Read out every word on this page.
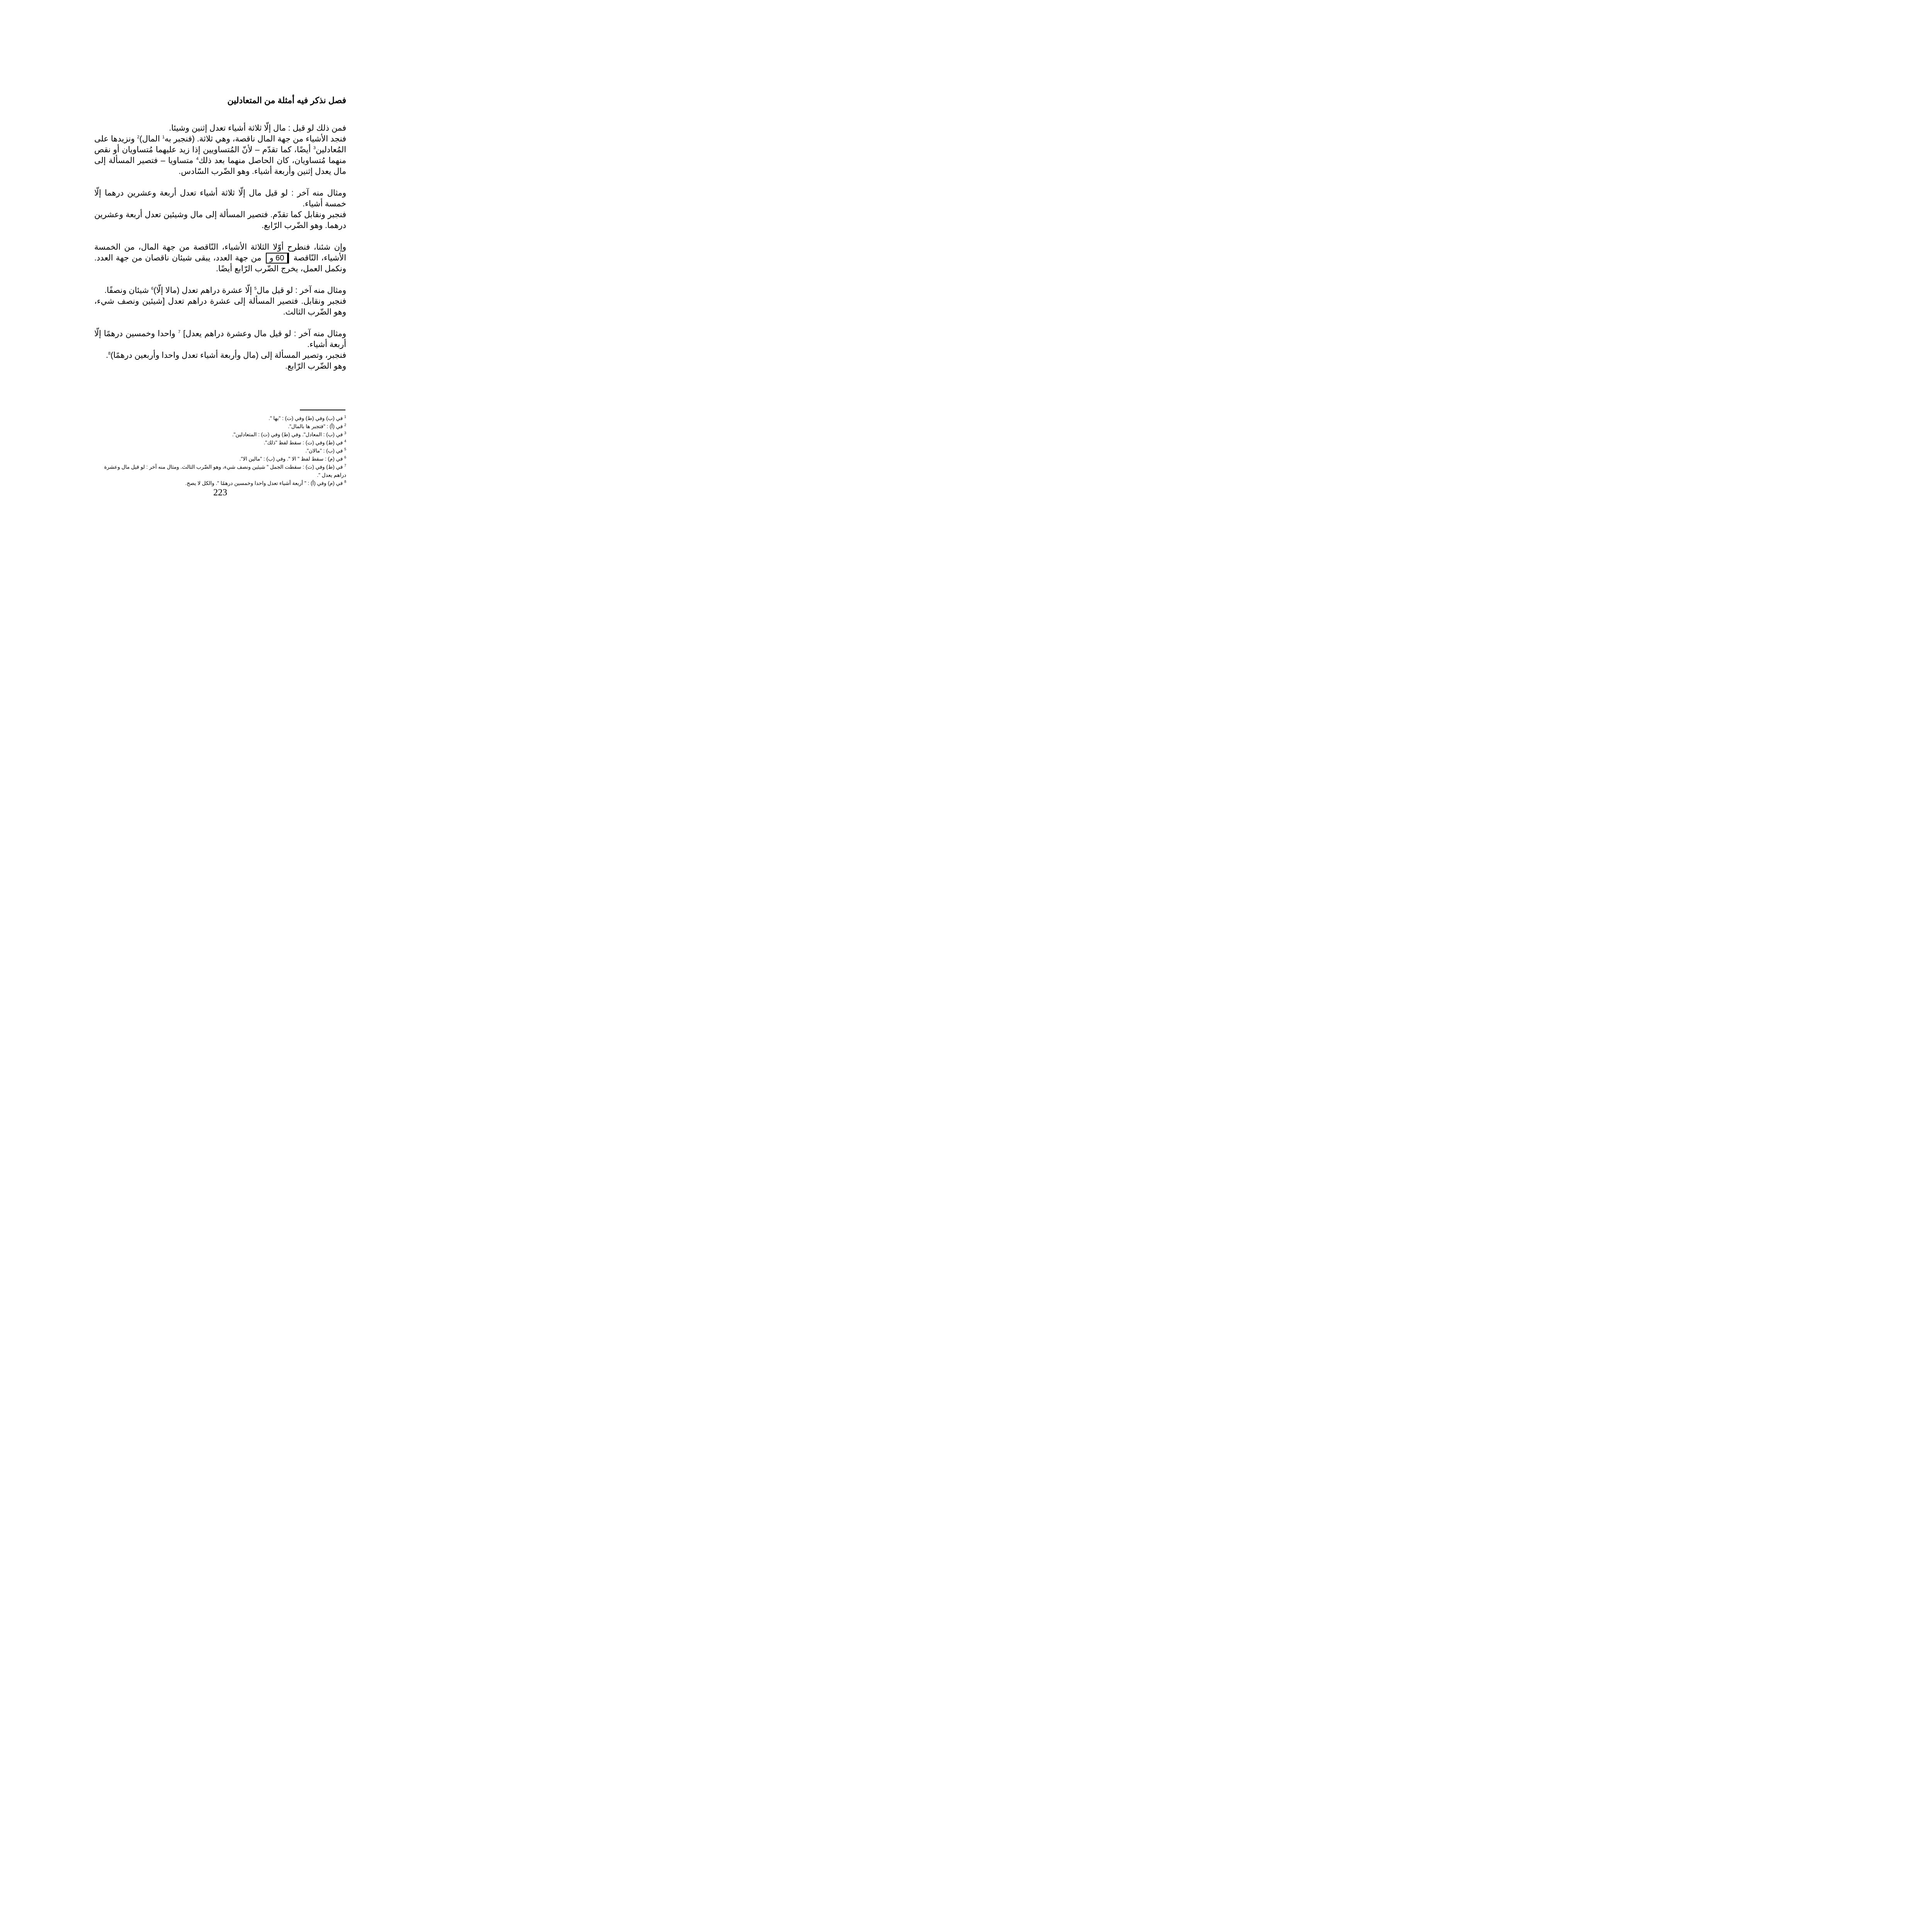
فصل نذكر فيه أمثلة من المتعادلين

فمن ذلك لو قيل : مال إلّا ثلاثة أشياء تعدل إثنين وشيئا.
فنجد الأشياء من جهة المال ناقصة، وهي ثلاثة. (فنجبر به$^1$ المال)$^2$ ونزيدها على المُعادلين$^3$ أيضًا، كما تقدّم – لأنّ المُتساويين إذا زيد عليهما مُتساويان أو نقص منهما مُتساويان، كان الحاصل منهما بعد ذلك$^4$ متساويا – فتصير المسألة إلى مال يعدل إثنين وأربعة أشياء. وهو الضّرب السّادس.

ومثال منه آخر : لو قيل مال إلّا ثلاثة أشياء تعدل أربعة وعشرين درهما إلّا خمسة أشياء.
فنجبر ونقابل كما تقدّم. فتصير المسألة إلى مال وشيئين تعدل أربعة وعشرين درهما. وهو الضّرب الرّابع.

وإن شئنا، فنطرح أوّلا الثلاثة الأشياء، النّاقصة من جهة المال، من الخمسة الأشياء، النّاقصة 60 و من جهة العدد، يبقى شيئان ناقصان من جهة العدد. ونكمل العمل، يخرج الضّرب الرّابع أيضًا.

ومثال منه آخر : لو قيل مال$^5$ إلّا عشرة دراهم تعدل (مالا إلّا)$^6$ شيئان ونصفًا.
فنجبر ونقابل. فتصير المسألة إلى عشرة دراهم تعدل [شيئين ونصف شيء، وهو الضّرب الثالث.

ومثال منه آخر : لو قيل مال وعشرة دراهم يعدل] $^7$ واحدا وخمسين درهمًا إلّا أربعة أشياء.
فنجبر، وتصير المسألة إلى (مال وأربعة أشياء تعدل واحدا وأربعين درهمًا)$^8$.
وهو الضّرب الرّابع.

$^1$ في (ب) وفي (ط) وفي (ت) : "بها ".

$^2$ في (أ) : "فتجبر ها بالمال".

$^3$ في (ب) : المعادل". وفي (ط) وفي (ت) : المتعادلين".

$^4$ في (ط) وفي (ت) : سقط لفظ "ذلك".

$^5$ في (ب) : "مالان".

$^6$ في (م) : سقط لفظ " الا ". وفي (ب) : "مالين الا".

$^7$ في (ط) وفي (ت) : سقطت الجمل " شيئين ونصف شيء، وهو الضّرب الثالث. ومثال منه آخر : لو قيل مال وعشرة دراهم يعدل ".

$^8$ في (م) وفي (أ) : " أربعة أشياء تعدل واحدا وخمسين درهمًا ". والكل لا يصح.

223
